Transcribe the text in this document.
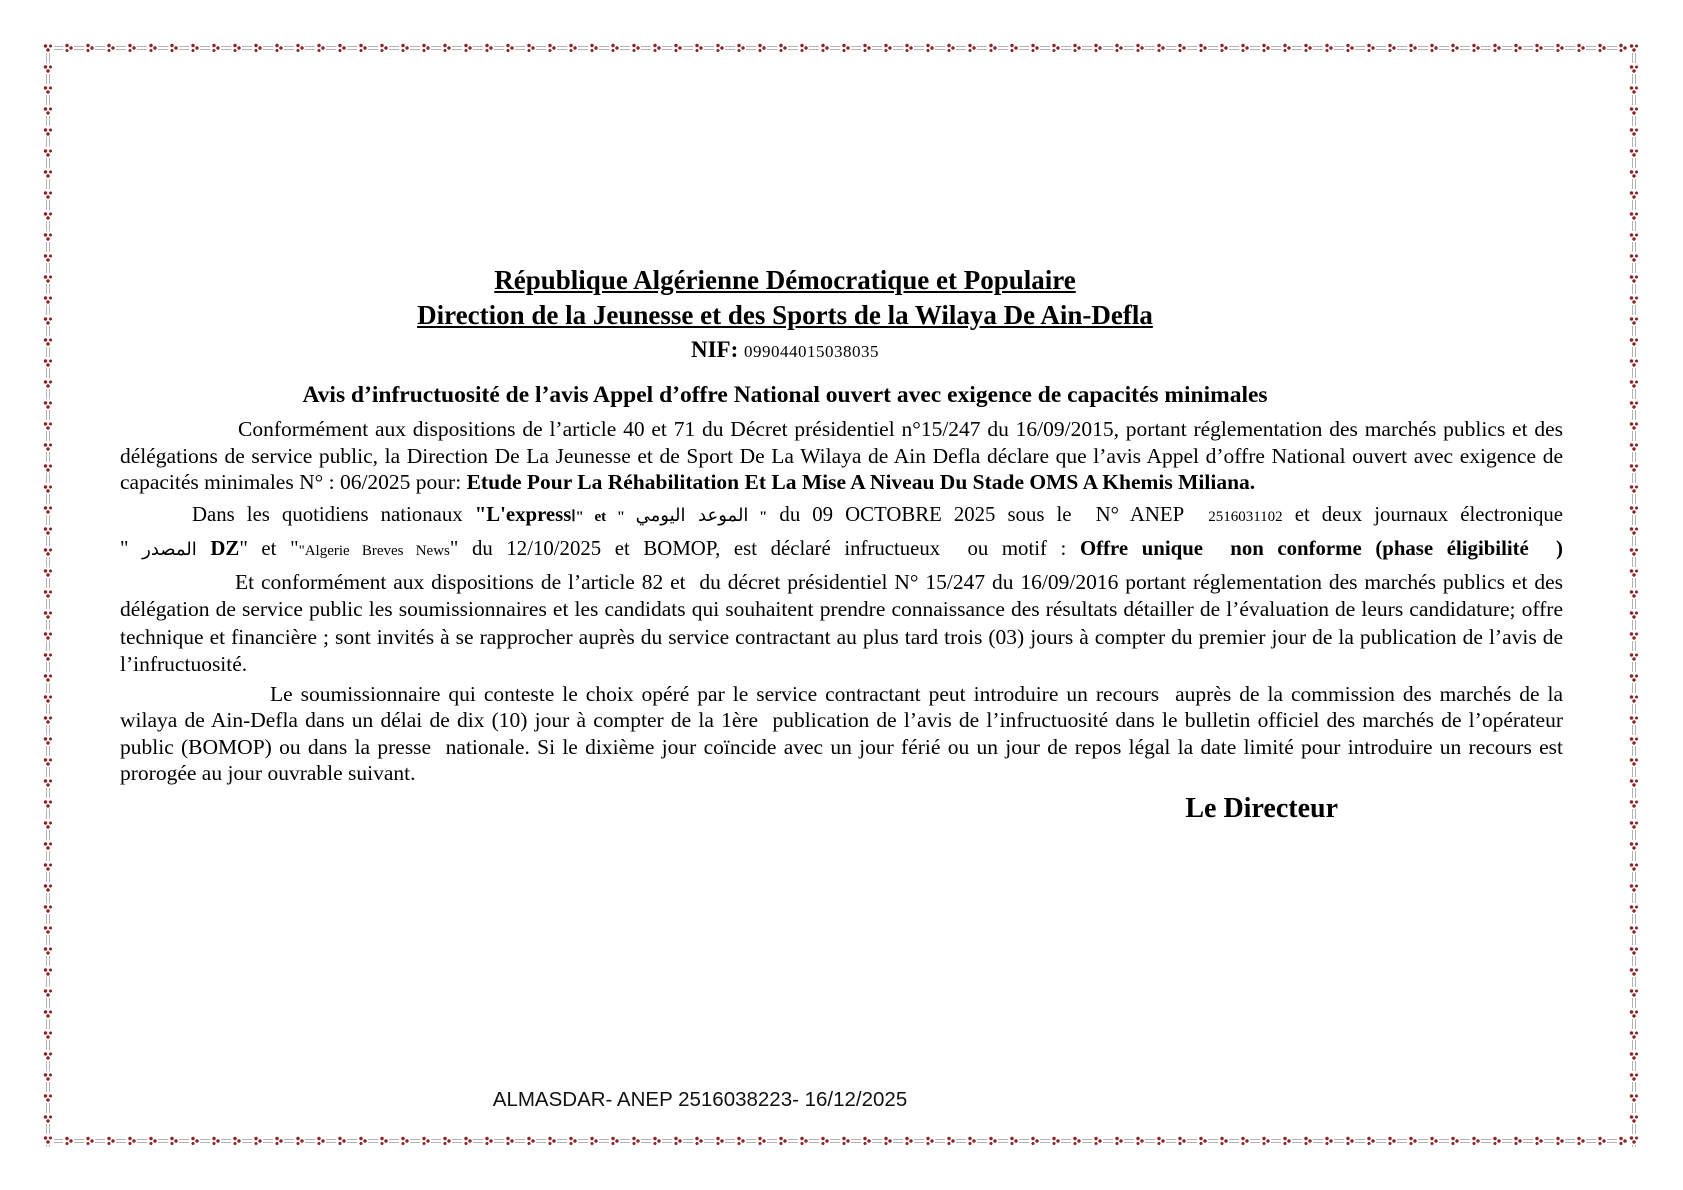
République Algérienne Démocratique et Populaire
Direction de la Jeunesse et des Sports de la Wilaya De Ain-Defla
NIF: 099044015038035
Avis d’infructuosité de l’avis Appel d’offre National ouvert avec exigence de capacités minimales

Conformément aux dispositions de l’article 40 et 71 du Décret présidentiel n°15/247 du 16/09/2015, portant réglementation des marchés publics et des délégations de service public, la Direction De La Jeunesse et de Sport De La Wilaya de Ain Defla déclare que l’avis Appel d’offre National ouvert avec exigence de capacités minimales N° : 06/2025 pour: Etude Pour La Réhabilitation Et La Mise A Niveau Du Stade OMS A Khemis Miliana.

Dans les quotidiens nationaux "L'expressا" et " الموعد اليومي " du 09 OCTOBRE 2025 sous le  N° ANEP  2516031102 et deux journaux électronique
" المصدر DZ" et ""Algerie Breves News" du 12/10/2025 et BOMOP, est déclaré infructueux  ou motif : Offre unique  non conforme (phase éligibilité  )

Et conformément aux dispositions de l’article 82 et  du décret présidentiel N° 15/247 du 16/09/2016 portant réglementation des marchés publics et des délégation de service public les soumissionnaires et les candidats qui souhaitent prendre connaissance des résultats détailler de l’évaluation de leurs candidature; offre technique et financière ; sont invités à se rapprocher auprès du service contractant au plus tard trois (03) jours à compter du premier jour de la publication de l’avis de l’infructuosité.

Le soumissionnaire qui conteste le choix opéré par le service contractant peut introduire un recours  auprès de la commission des marchés de la wilaya de Ain-Defla dans un délai de dix (10) jour à compter de la 1ère  publication de l’avis de l’infructuosité dans le bulletin officiel des marchés de l’opérateur public (BOMOP) ou dans la presse  nationale. Si le dixième jour coïncide avec un jour férié ou un jour de repos légal la date limité pour introduire un recours est prorogée au jour ouvrable suivant.

Le Directeur
ALMASDAR- ANEP 2516038223- 16/12/2025
